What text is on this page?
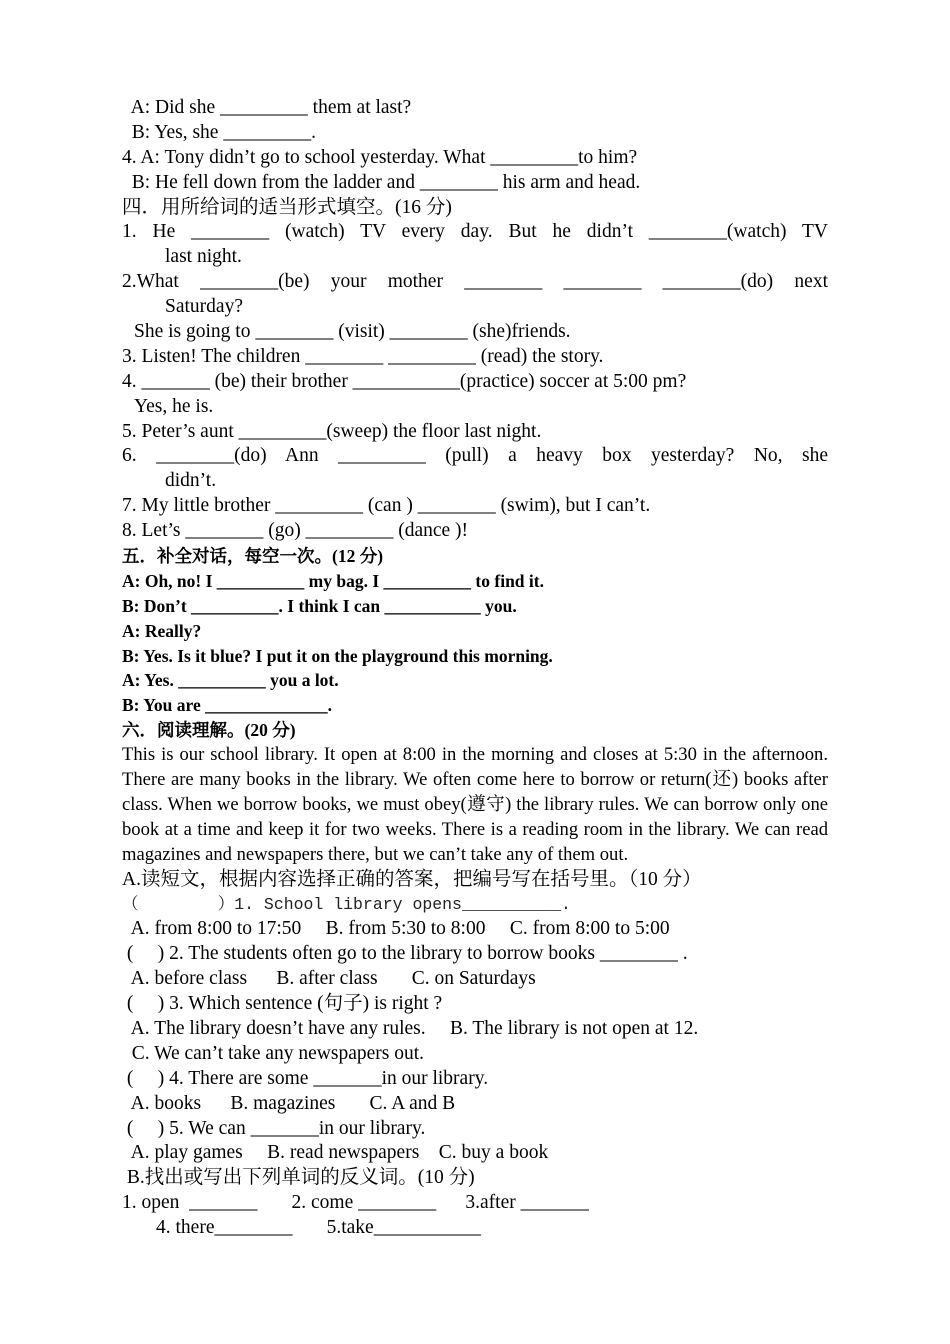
A: Did she _________ them at last?
B: Yes, she _________.
4. A: Tony didn’t go to school yesterday. What _________to him?
B: He fell down from the ladder and ________ his arm and head.
四．用所给词的适当形式填空。(16 分)
1. He ________ (watch) TV every day. But he didn’t ________(watch) TV
last night.
2.What ________(be) your mother ________ ________ ________(do) next
Saturday?
She is going to ________ (visit) ________ (she)friends.
3. Listen! The children ________ _________ (read) the story.
4. _______ (be) their brother ___________(practice) soccer at 5:00 pm?
Yes, he is.
5. Peter’s aunt _________(sweep) the floor last night.
6. ________(do) Ann _________ (pull) a heavy box yesterday? No, she
didn’t.
7. My little brother _________ (can ) ________ (swim), but I can’t.
8. Let’s ________ (go) _________ (dance )!
五．补全对话，每空一次。(12 分)
A: Oh, no! I __________ my bag. I __________ to find it.
B: Don’t __________. I think I can ___________ you.
A: Really?
B: Yes. Is it blue? I put it on the playground this morning.
A: Yes. __________ you a lot.
B: You are ______________.
六．阅读理解。(20 分)

This is our school library. It open at 8:00 in the morning and closes at 5:30 in the afternoon. There are many books in the library. We often come here to borrow or return(还) books after class. When we borrow books, we must obey(遵守) the library rules. We can borrow only one book at a time and keep it for two weeks. There is a reading room in the library. We can read magazines and newspapers there, but we can’t take any of them out.

A.读短文，根据内容选择正确的答案，把编号写在括号里。（10 分）
（        ）1. School library opens__________.
A. from 8:00 to 17:50     B. from 5:30 to 8:00     C. from 8:00 to 5:00
(     ) 2. The students often go to the library to borrow books ________ .
A. before class      B. after class       C. on Saturdays
(     ) 3. Which sentence (句子) is right ?
A. The library doesn’t have any rules.     B. The library is not open at 12.
C. We can’t take any newspapers out.
(     ) 4. There are some _______in our library.
A. books      B. magazines       C. A and B
(     ) 5. We can _______in our library.
A. play games     B. read newspapers    C. buy a book
B.找出或写出下列单词的反义词。(10 分)
1. open  _______       2. come ________      3.after _______
4. there________       5.take___________
